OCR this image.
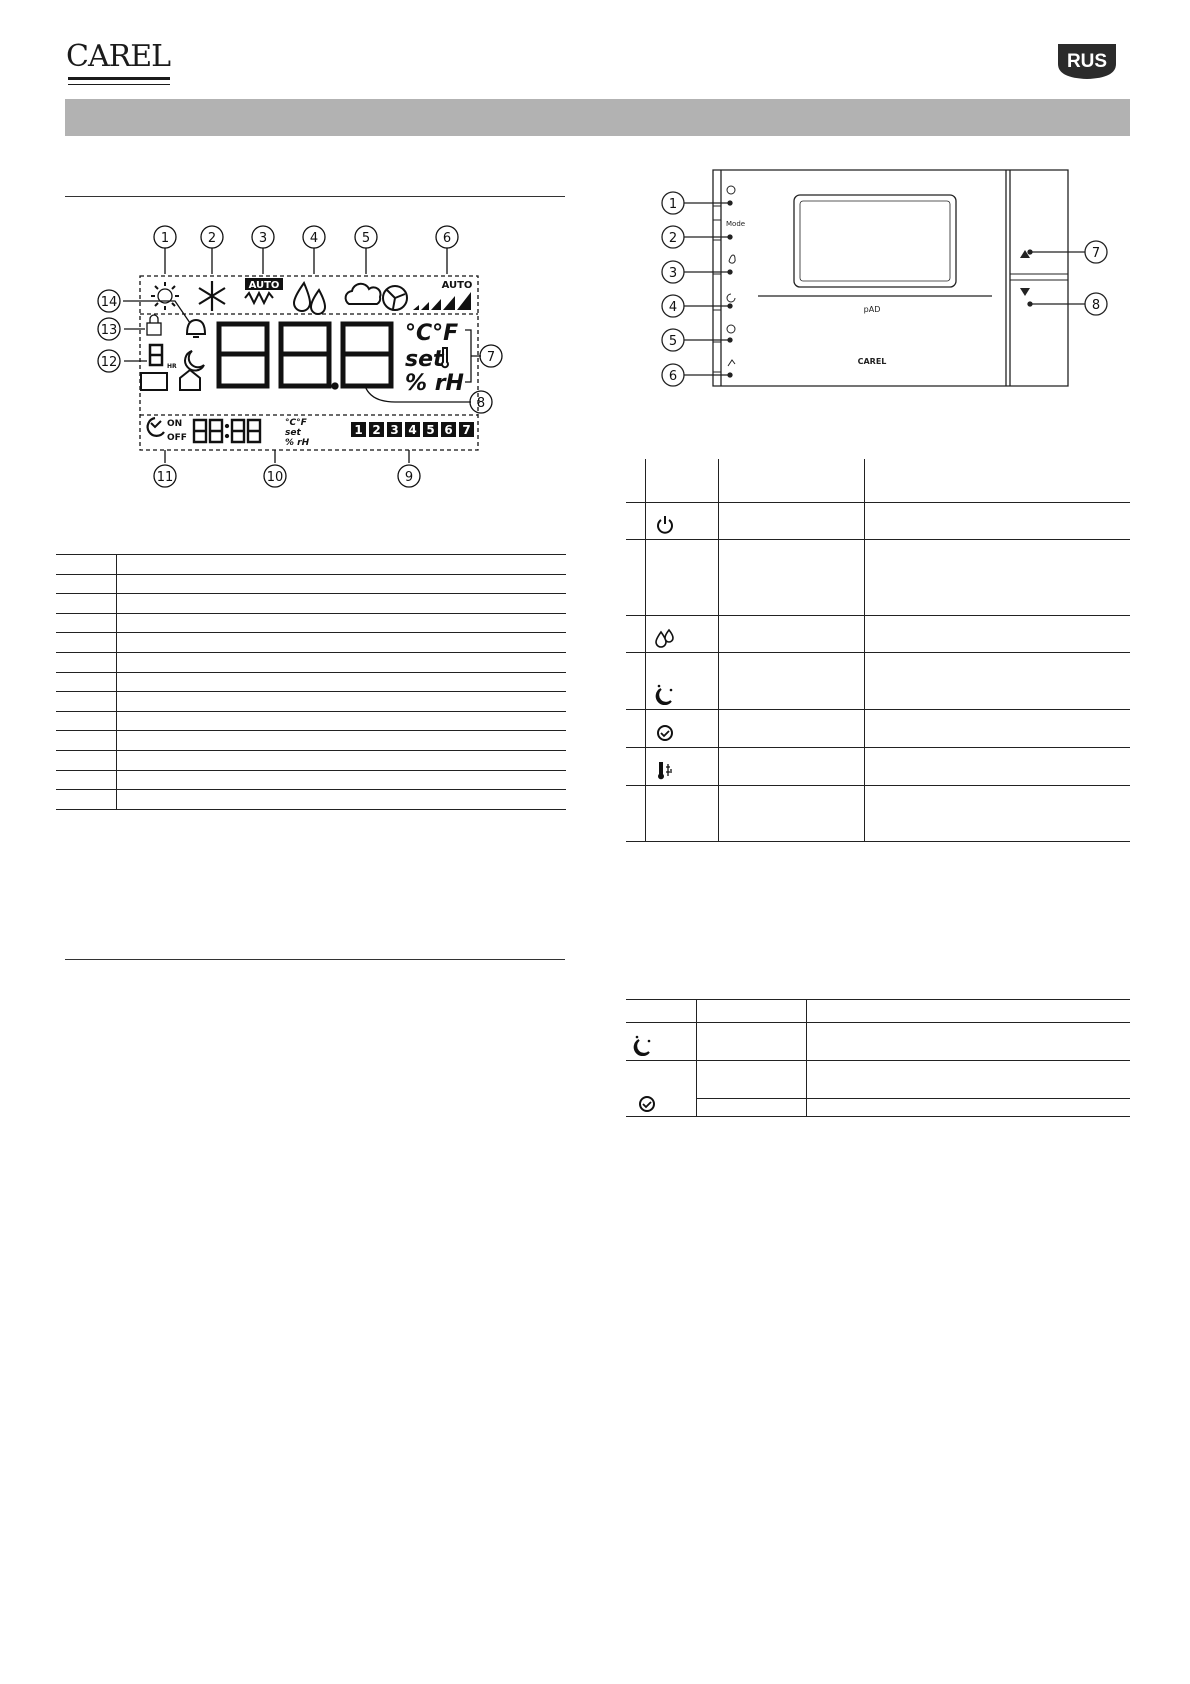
CAREL	RUS
1	2	3	4	5	6
7
8
9
10
11
12
13
14
AUTO	AUTO
°C°F
set
% rH
HR
ON
OFF
°C°F
set
% rH
1 2 3 4 5 6 7
1
2
3
4
5
6
7
8
Mode
pAD
CAREL
